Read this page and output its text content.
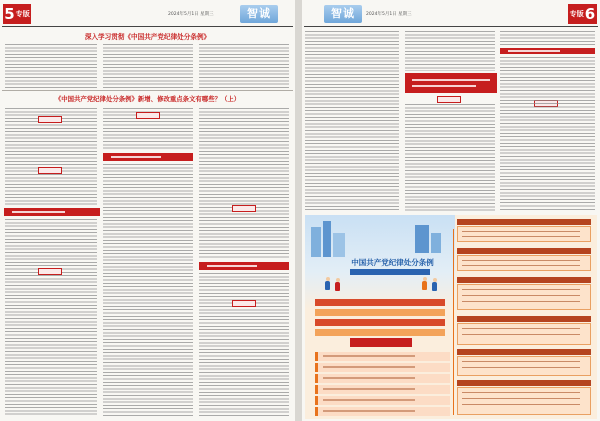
5 专版	2024年5月1日 星期三	智诚
深入学习贯彻《中国共产党纪律处分条例》
《中国共产党纪律处分条例》新增、修改重点条文有哪些？（上）
智诚	2024年5月1日 星期三	专版 6
中国共产党纪律处分条例
